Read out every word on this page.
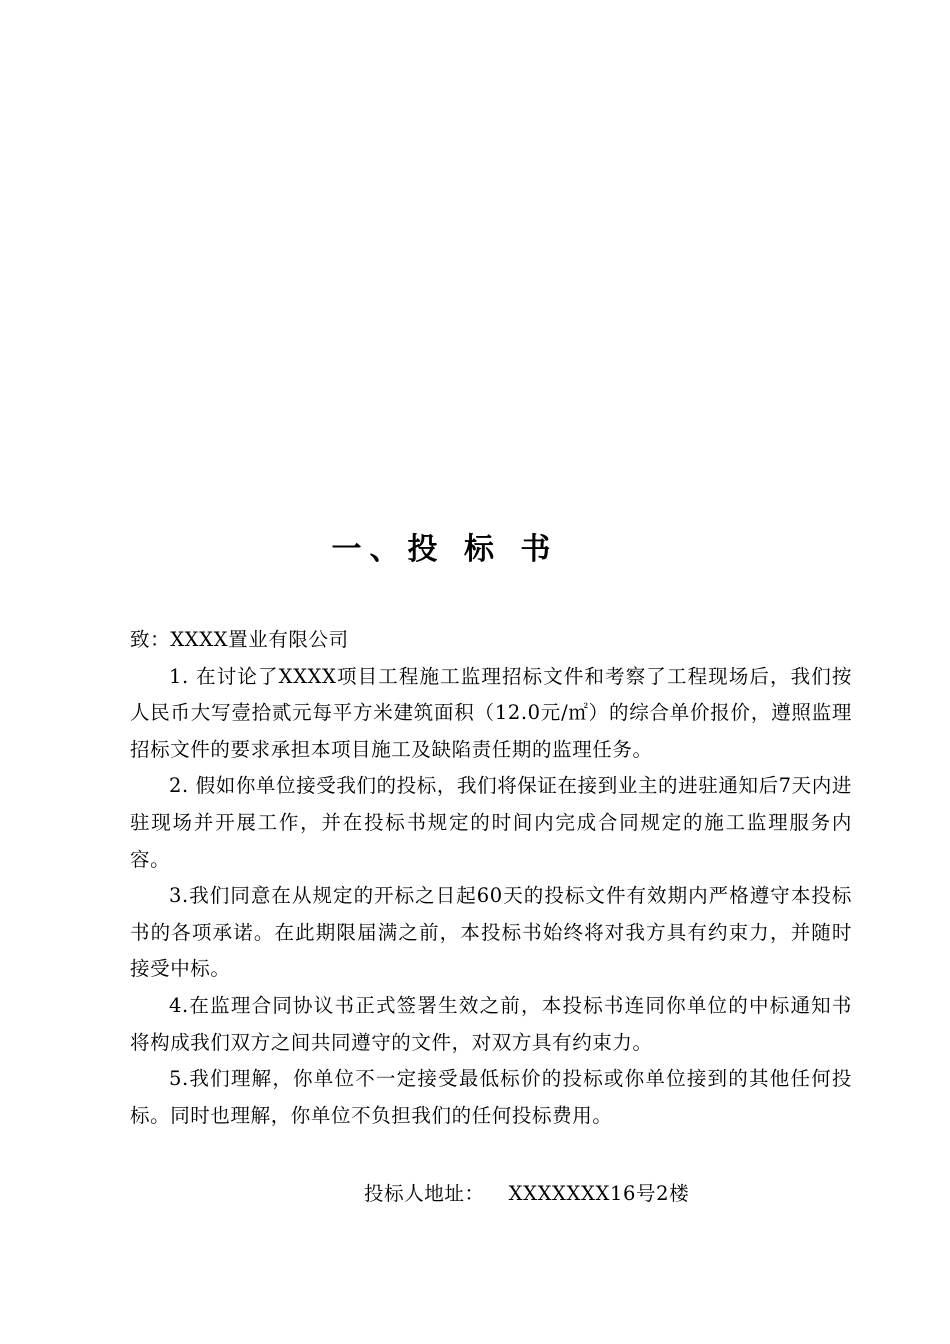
一、投 标 书

致：XXXX置业有限公司

1. 在讨论了XXXX项目工程施工监理招标文件和考察了工程现场后，我们按人民币大写壹拾贰元每平方米建筑面积（12.0元/㎡）的综合单价报价，遵照监理招标文件的要求承担本项目施工及缺陷责任期的监理任务。

2. 假如你单位接受我们的投标，我们将保证在接到业主的进驻通知后7天内进驻现场并开展工作，并在投标书规定的时间内完成合同规定的施工监理服务内容。

3.我们同意在从规定的开标之日起60天的投标文件有效期内严格遵守本投标书的各项承诺。在此期限届满之前，本投标书始终将对我方具有约束力，并随时接受中标。

4.在监理合同协议书正式签署生效之前，本投标书连同你单位的中标通知书将构成我们双方之间共同遵守的文件，对双方具有约束力。

5.我们理解，你单位不一定接受最低标价的投标或你单位接到的其他任何投标。同时也理解，你单位不负担我们的任何投标费用。

投标人地址： XXXXXXX16号2楼
